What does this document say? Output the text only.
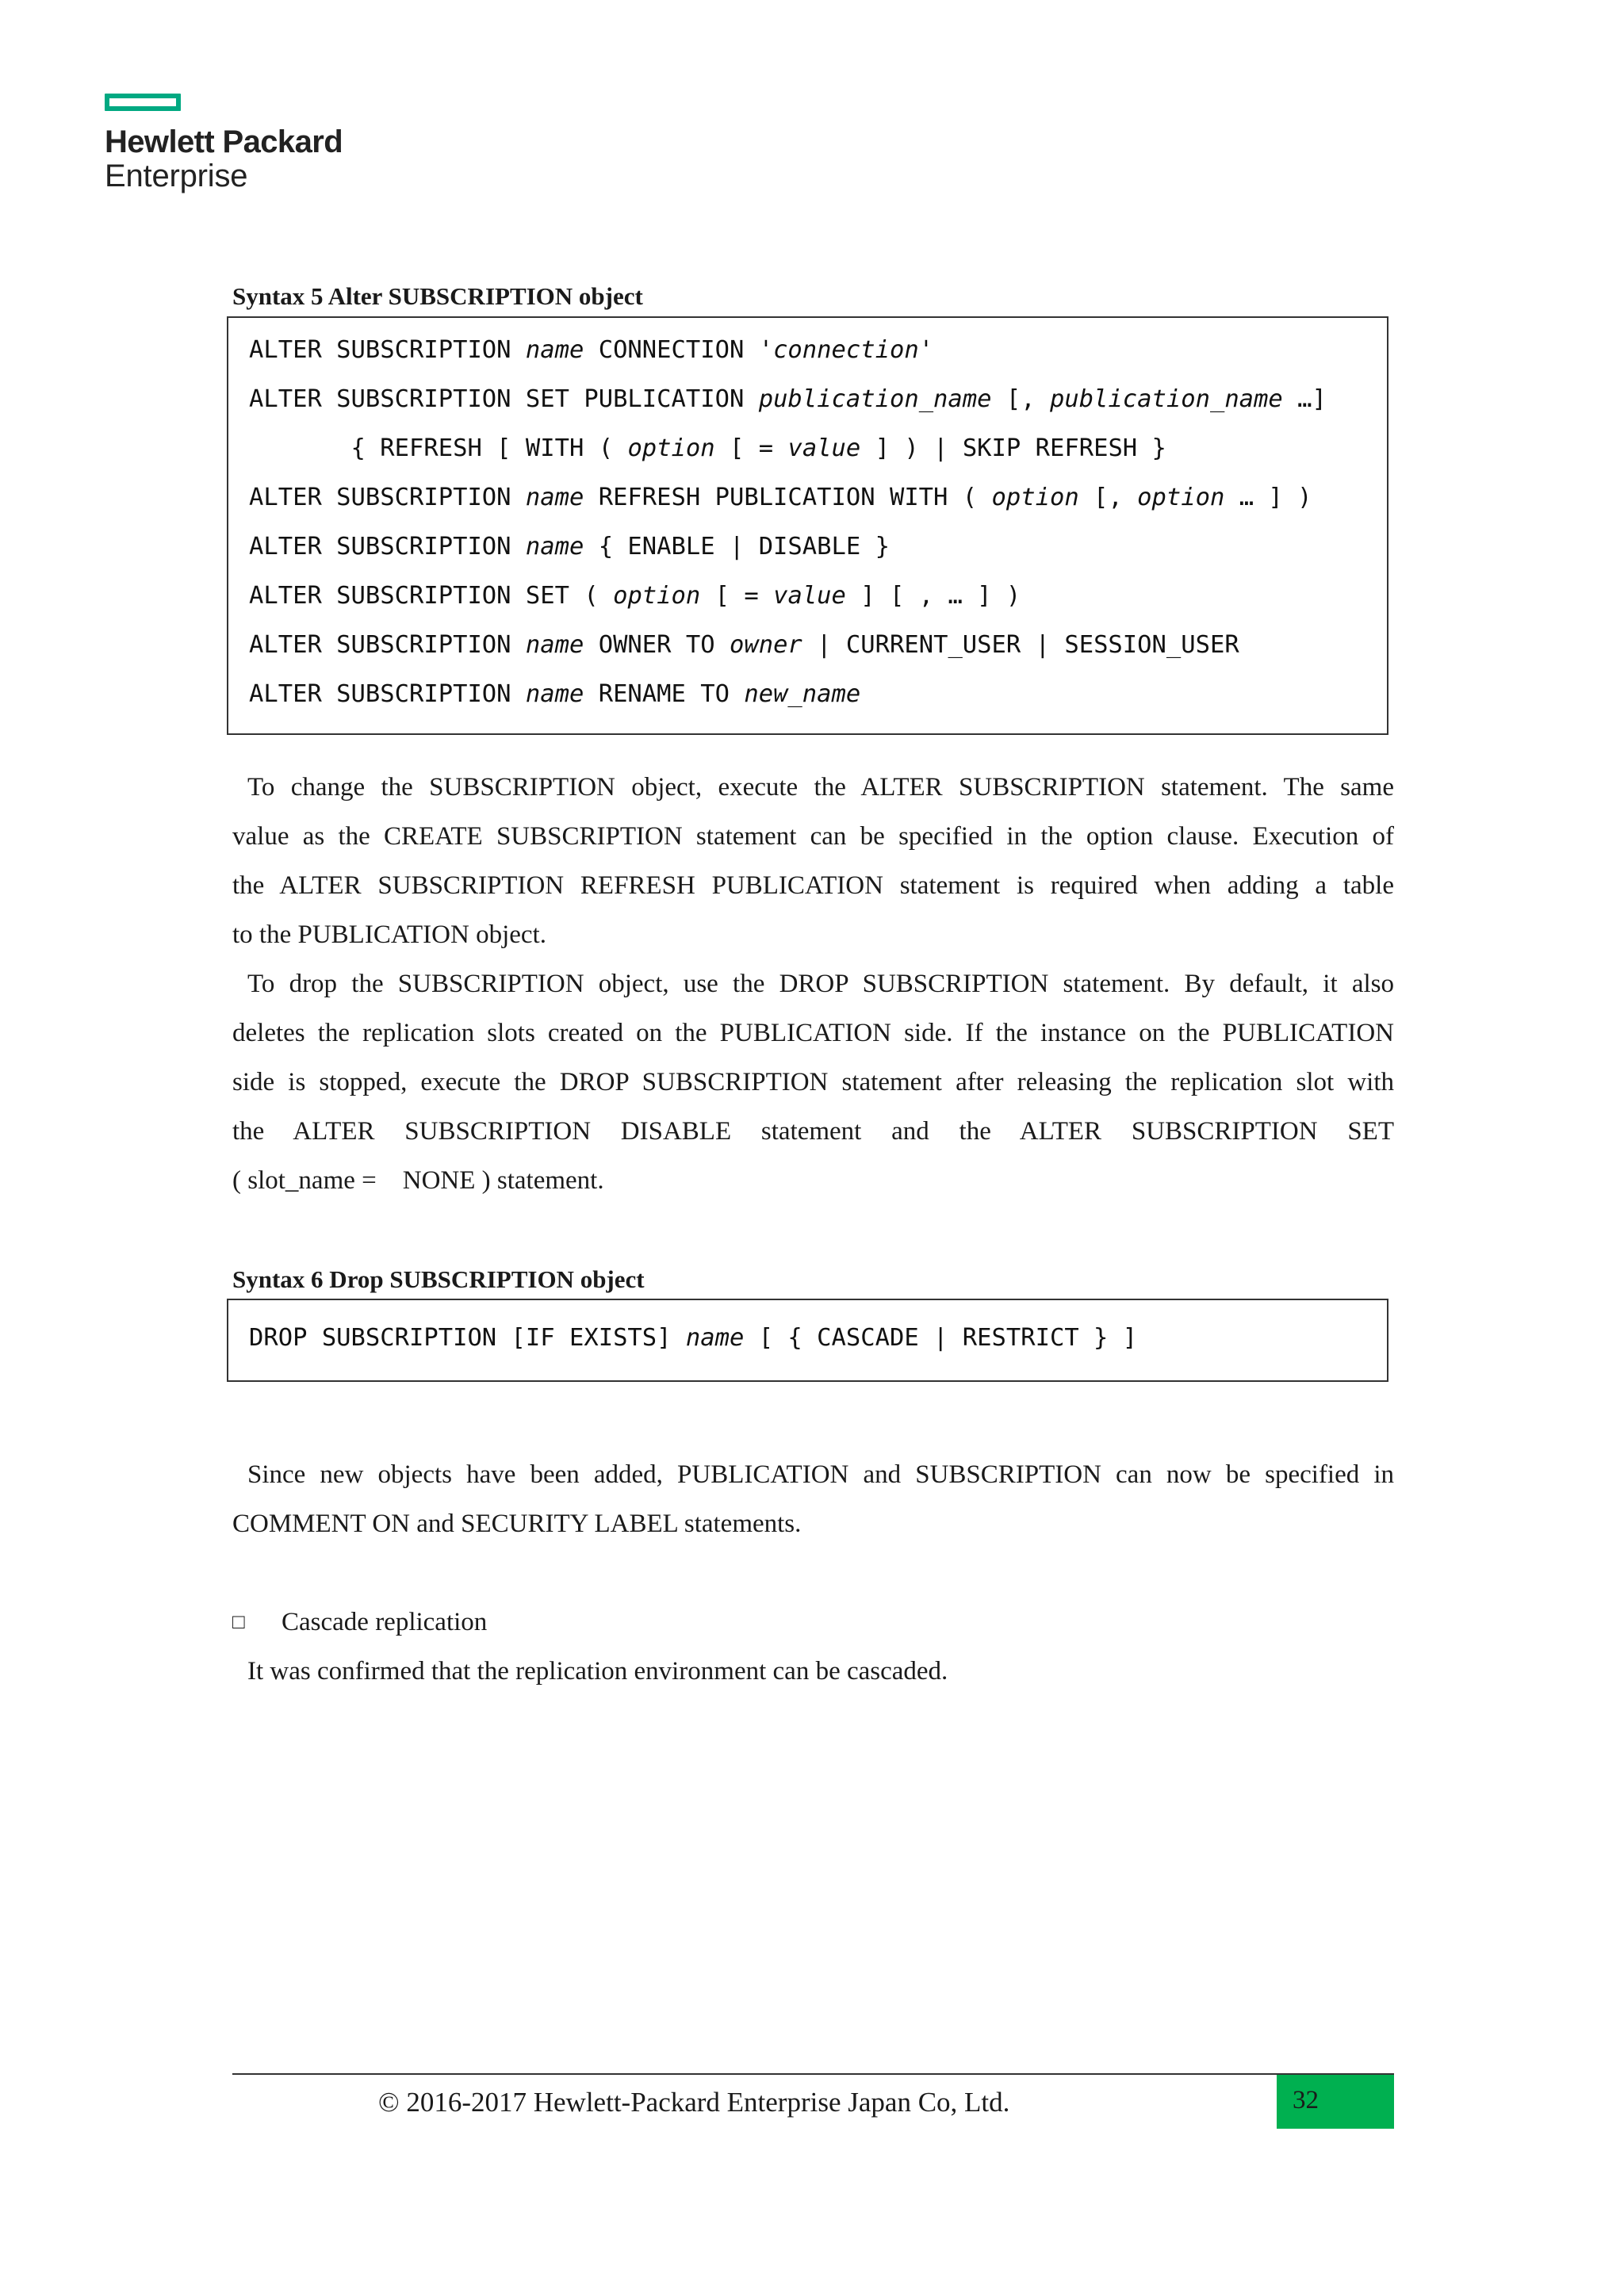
Hewlett Packard
Enterprise
Syntax 5 Alter SUBSCRIPTION object
ALTER SUBSCRIPTION name CONNECTION 'connection'
ALTER SUBSCRIPTION SET PUBLICATION publication_name [, publication_name …]
{ REFRESH [ WITH ( option [ = value ] ) | SKIP REFRESH }
ALTER SUBSCRIPTION name REFRESH PUBLICATION WITH ( option [, option … ] )
ALTER SUBSCRIPTION name { ENABLE | DISABLE }
ALTER SUBSCRIPTION SET ( option [ = value ] [ , … ] )
ALTER SUBSCRIPTION name OWNER TO owner | CURRENT_USER | SESSION_USER
ALTER SUBSCRIPTION name RENAME TO new_name
To change the SUBSCRIPTION object, execute the ALTER SUBSCRIPTION statement. The same
value as the CREATE SUBSCRIPTION statement can be specified in the option clause. Execution of
the ALTER SUBSCRIPTION REFRESH PUBLICATION statement is required when adding a table
to the PUBLICATION object.
To drop the SUBSCRIPTION object, use the DROP SUBSCRIPTION statement. By default, it also
deletes the replication slots created on the PUBLICATION side. If the instance on the PUBLICATION
side is stopped, execute the DROP SUBSCRIPTION statement after releasing the replication slot with
the ALTER SUBSCRIPTION DISABLE statement and the ALTER SUBSCRIPTION SET
( slot_name =    NONE ) statement.
Syntax 6 Drop SUBSCRIPTION object
DROP SUBSCRIPTION [IF EXISTS] name [ { CASCADE | RESTRICT } ]
Since new objects have been added, PUBLICATION and SUBSCRIPTION can now be specified in
COMMENT ON and SECURITY LABEL statements.
□ Cascade replication
It was confirmed that the replication environment can be cascaded.
© 2016-2017 Hewlett-Packard Enterprise Japan Co, Ltd.	32
